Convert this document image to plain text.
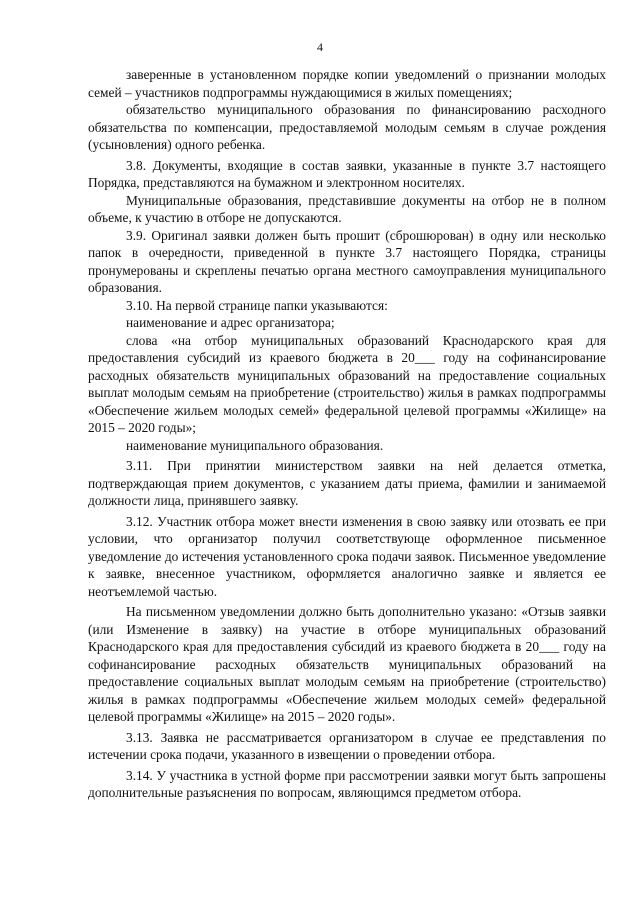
4

заверенные в установленном порядке копии уведомлений о признании молодых семей – участников подпрограммы нуждающимися в жилых помещениях;

обязательство муниципального образования по финансированию расходного обязательства по компенсации, предоставляемой молодым семьям в случае рождения (усыновления) одного ребенка.

3.8. Документы, входящие в состав заявки, указанные в пункте 3.7 настоящего Порядка, представляются на бумажном и электронном носителях.

Муниципальные образования, представившие документы на отбор не в полном объеме, к участию в отборе не допускаются.

3.9. Оригинал заявки должен быть прошит (сброшюрован) в одну или несколько папок в очередности, приведенной в пункте 3.7 настоящего Порядка, страницы пронумерованы и скреплены печатью органа местного самоуправления муниципального образования.

3.10. На первой странице папки указываются:

наименование и адрес организатора;

слова «на отбор муниципальных образований Краснодарского края для предоставления субсидий из краевого бюджета в 20___ году на софинансирование расходных обязательств муниципальных образований на предоставление социальных выплат молодым семьям на приобретение (строительство) жилья в рамках подпрограммы «Обеспечение жильем молодых семей» федеральной целевой программы «Жилище» на 2015 – 2020 годы»;

наименование муниципального образования.

3.11. При принятии министерством заявки на ней делается отметка, подтверждающая прием документов, с указанием даты приема, фамилии и занимаемой должности лица, принявшего заявку.

3.12. Участник отбора может внести изменения в свою заявку или отозвать ее при условии, что организатор получил соответствующе оформленное письменное уведомление до истечения установленного срока подачи заявок. Письменное уведомление к заявке, внесенное участником, оформляется аналогично заявке и является ее неотъемлемой частью.

На письменном уведомлении должно быть дополнительно указано: «Отзыв заявки (или Изменение в заявку) на участие в отборе муниципальных образований Краснодарского края для предоставления субсидий из краевого бюджета в 20___ году на софинансирование расходных обязательств муниципальных образований на предоставление социальных выплат молодым семьям на приобретение (строительство) жилья в рамках подпрограммы «Обеспечение жильем молодых семей» федеральной целевой программы «Жилище» на 2015 – 2020 годы».

3.13. Заявка не рассматривается организатором в случае ее представления по истечении срока подачи, указанного в извещении о проведении отбора.

3.14. У участника в устной форме при рассмотрении заявки могут быть запрошены дополнительные разъяснения по вопросам, являющимся предметом отбора.
